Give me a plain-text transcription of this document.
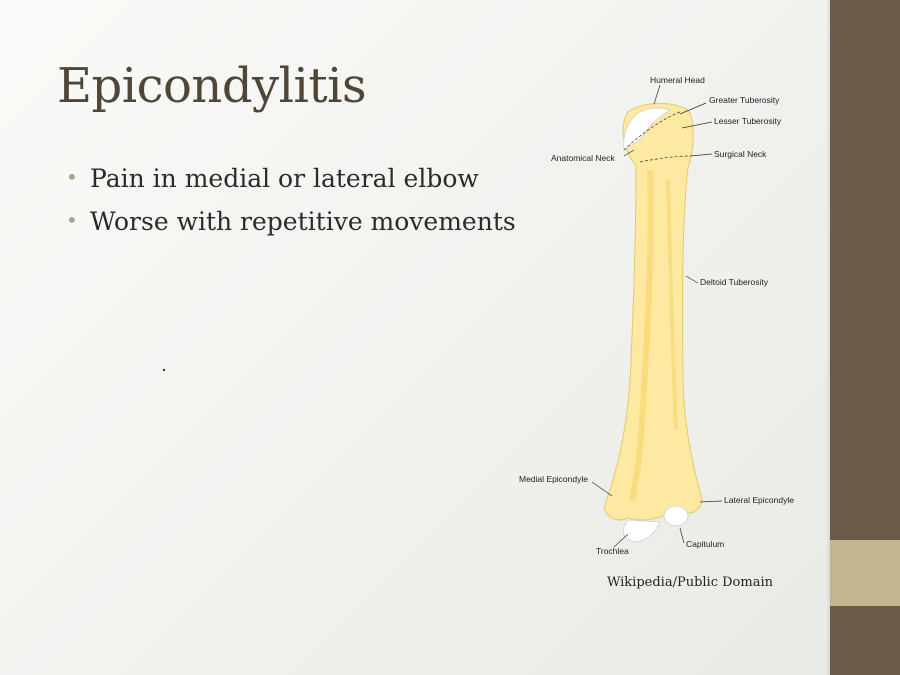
Epicondylitis
• Pain in medial or lateral elbow
• Worse with repetitive movements
Humeral Head
Greater Tuberosity
Lesser Tuberosity
Anatomical Neck	Surgical Neck
Deltoid Tuberosity
Medial Epicondyle
Lateral Epicondyle
Trochlea
Capitulum
Wikipedia/Public Domain
